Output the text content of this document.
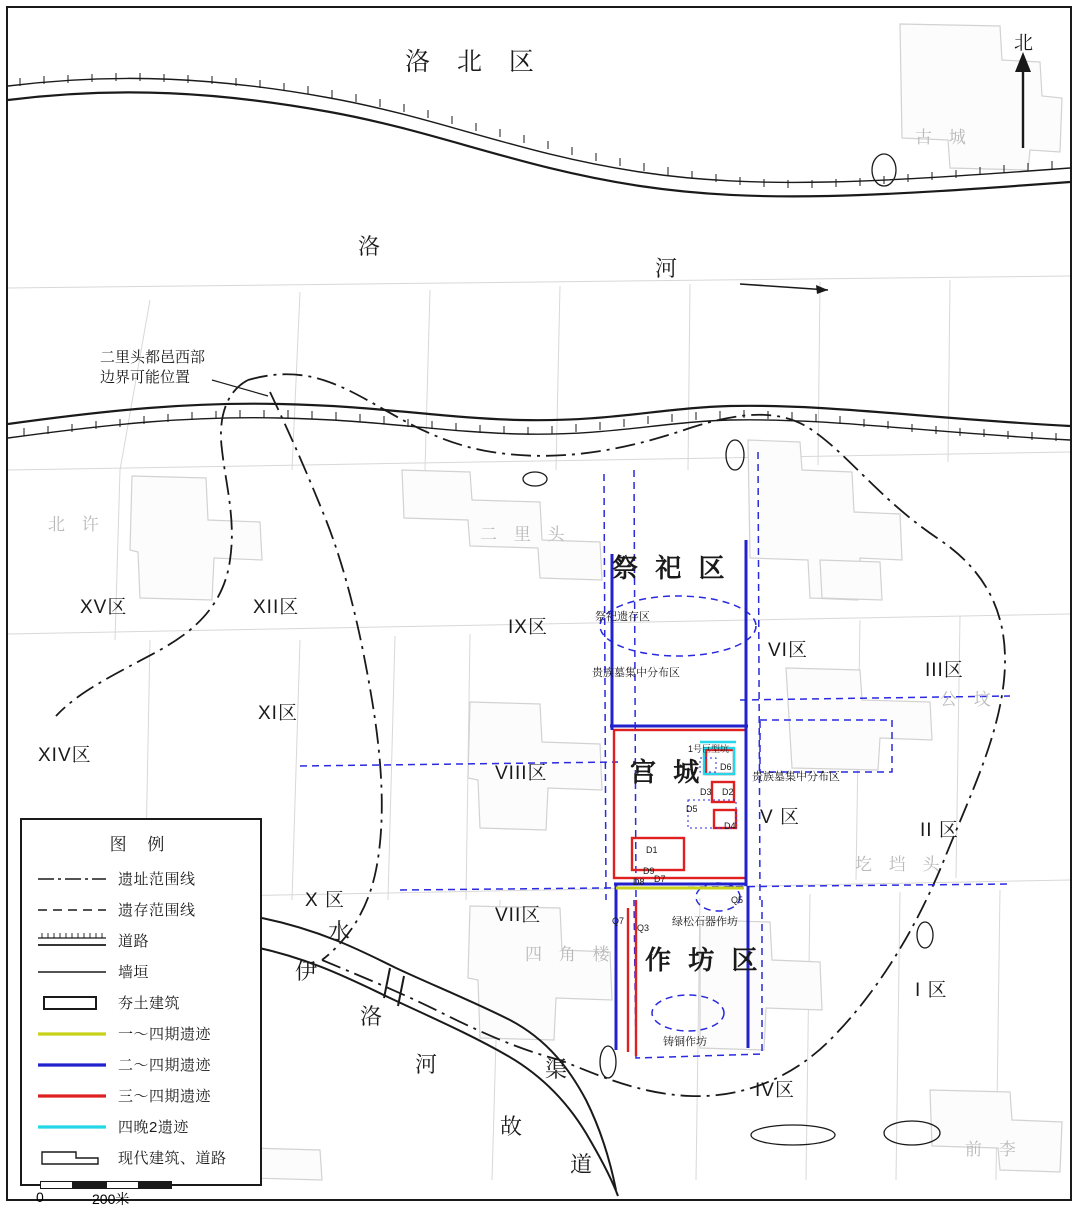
洛 北 区
祭 祀 区
宫 城
作 坊 区
洛
河
伊
水
洛
河	渠
故
道
古 城
北 许
二 里 头
公 坟
圪 垱 头
四 角 楼
前 李
XV区	XII区
IX区
VI区
III区
XI区
XIV区
VIII区
V 区
II 区
X 区
VII区
I 区
IV区
祭祀遗存区
贵族墓集中分布区
贵族墓集中分布区
1号巨型坑
绿松石器作坊
铸铜作坊
D1
D2
D3
D4
D5
D6
D7
D8
D9
Q3
Q5
Q7
二里头都邑西部
边界可能位置
北
图 例
遗址范围线
遗存范围线
道路
墙垣
夯土建筑
一～四期遗迹
二～四期遗迹
三～四期遗迹
四晚2遗迹
现代建筑、道路
0	200米
